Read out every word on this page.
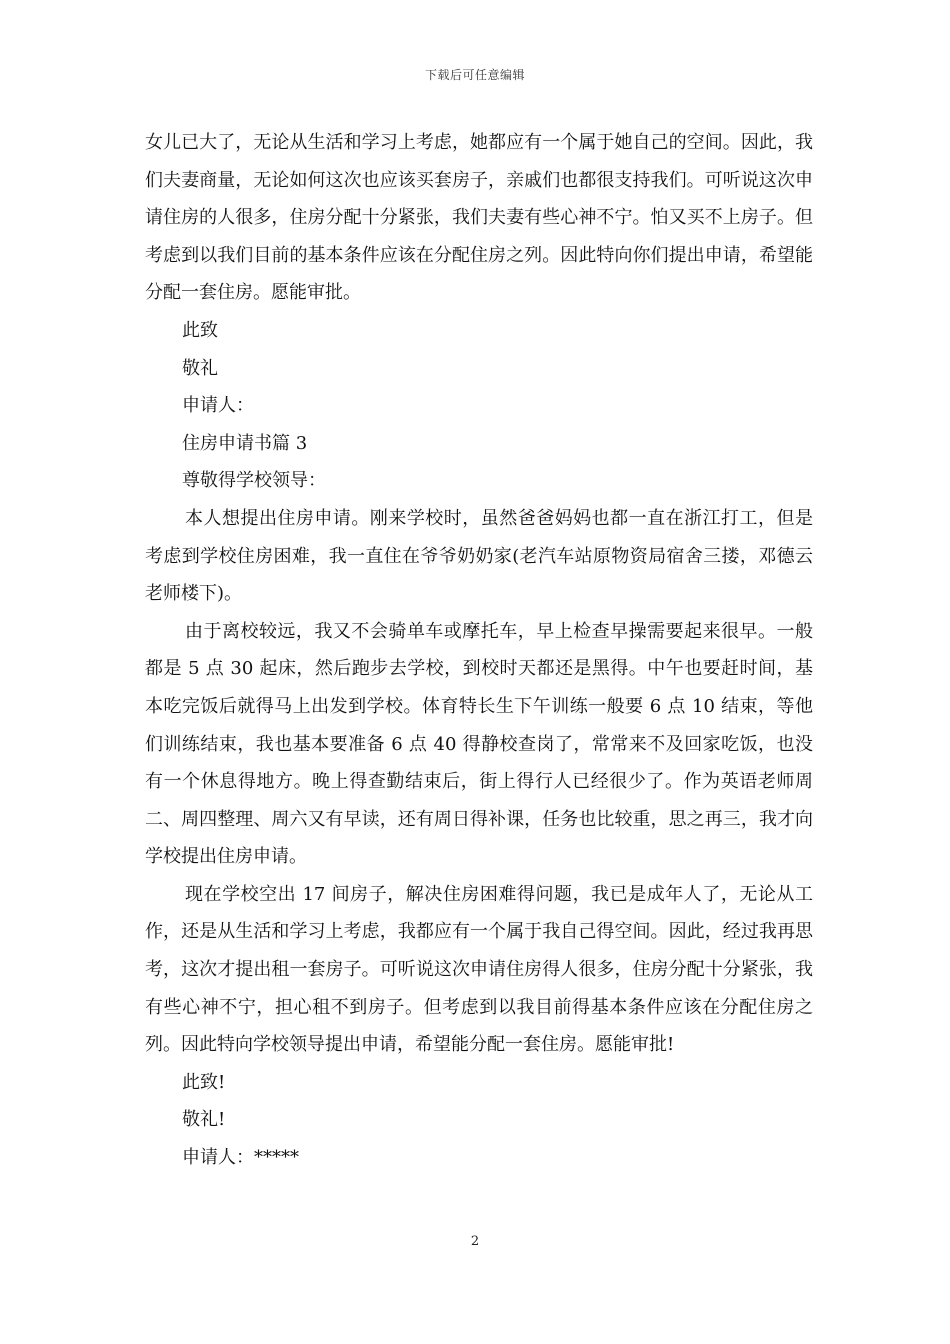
下载后可任意编辑

女儿已大了，无论从生活和学习上考虑，她都应有一个属于她自己的空间。因此，我们夫妻商量，无论如何这次也应该买套房子，亲戚们也都很支持我们。可听说这次申请住房的人很多，住房分配十分紧张，我们夫妻有些心神不宁。怕又买不上房子。但考虑到以我们目前的基本条件应该在分配住房之列。因此特向你们提出申请，希望能分配一套住房。愿能审批。

此致

敬礼

申请人：

住房申请书篇 3

尊敬得学校领导：

本人想提出住房申请。刚来学校时，虽然爸爸妈妈也都一直在浙江打工，但是考虑到学校住房困难，我一直住在爷爷奶奶家(老汽车站原物资局宿舍三搂，邓德云老师楼下)。

由于离校较远，我又不会骑单车或摩托车，早上检查早操需要起来很早。一般都是 5 点 30 起床，然后跑步去学校，到校时天都还是黑得。中午也要赶时间，基本吃完饭后就得马上出发到学校。体育特长生下午训练一般要 6 点 10 结束，等他们训练结束，我也基本要准备 6 点 40 得静校查岗了，常常来不及回家吃饭，也没有一个休息得地方。晚上得查勤结束后，街上得行人已经很少了。作为英语老师周二、周四整理、周六又有早读，还有周日得补课，任务也比较重，思之再三，我才向学校提出住房申请。

现在学校空出 17 间房子，解决住房困难得问题，我已是成年人了，无论从工作，还是从生活和学习上考虑，我都应有一个属于我自己得空间。因此，经过我再思考，这次才提出租一套房子。可听说这次申请住房得人很多，住房分配十分紧张，我有些心神不宁，担心租不到房子。但考虑到以我目前得基本条件应该在分配住房之列。因此特向学校领导提出申请，希望能分配一套住房。愿能审批!

此致!

敬礼!

申请人：*****

2
